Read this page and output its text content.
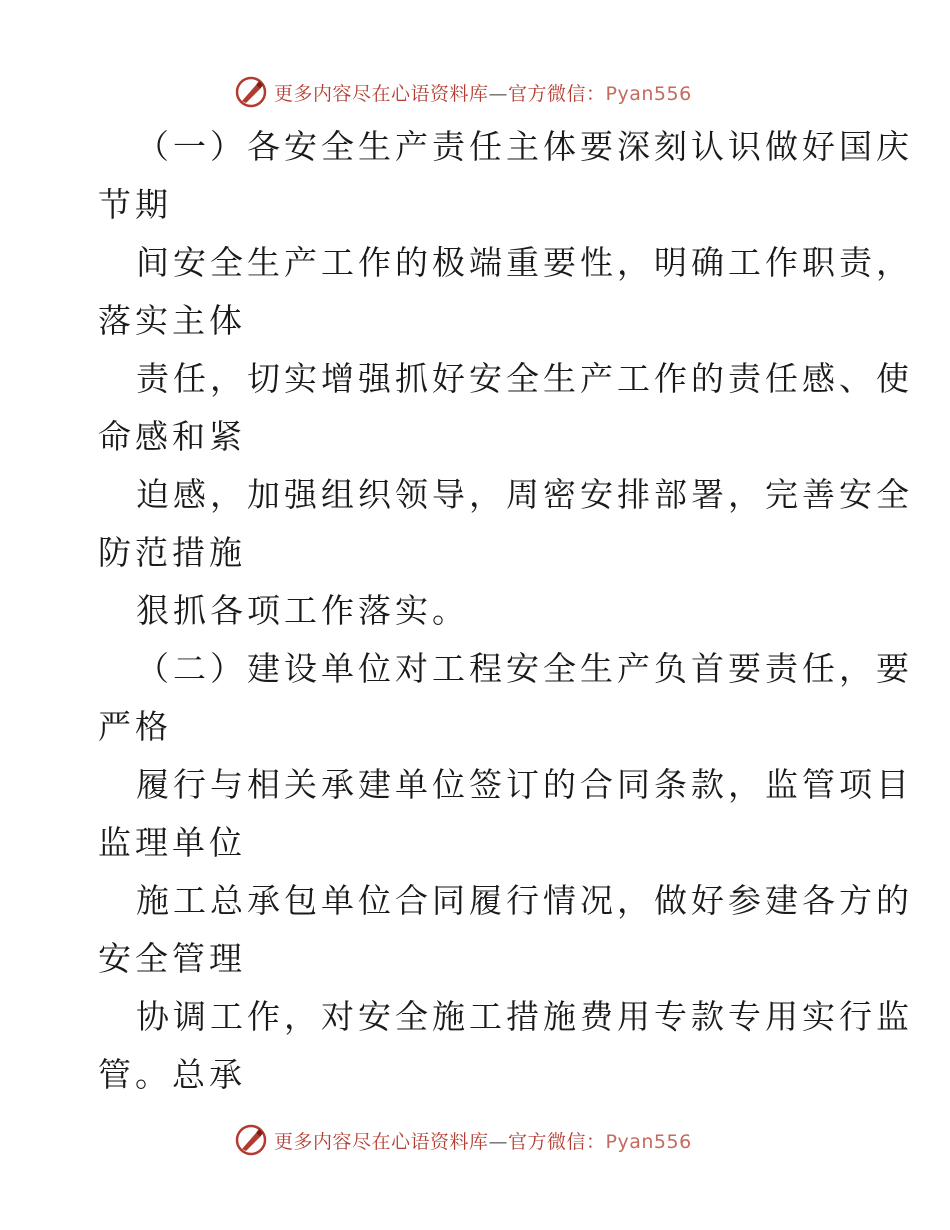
更多内容尽在心语资料库—官方微信：Pyan556
（一）各安全生产责任主体要深刻认识做好国庆
节期
间安全生产工作的极端重要性，明确工作职责，
落实主体
责任，切实增强抓好安全生产工作的责任感、使
命感和紧
迫感，加强组织领导，周密安排部署，完善安全
防范措施
狠抓各项工作落实。
（二）建设单位对工程安全生产负首要责任，要
严格
履行与相关承建单位签订的合同条款，监管项目
监理单位
施工总承包单位合同履行情况，做好参建各方的
安全管理
协调工作，对安全施工措施费用专款专用实行监
管。总承
更多内容尽在心语资料库—官方微信：Pyan556
